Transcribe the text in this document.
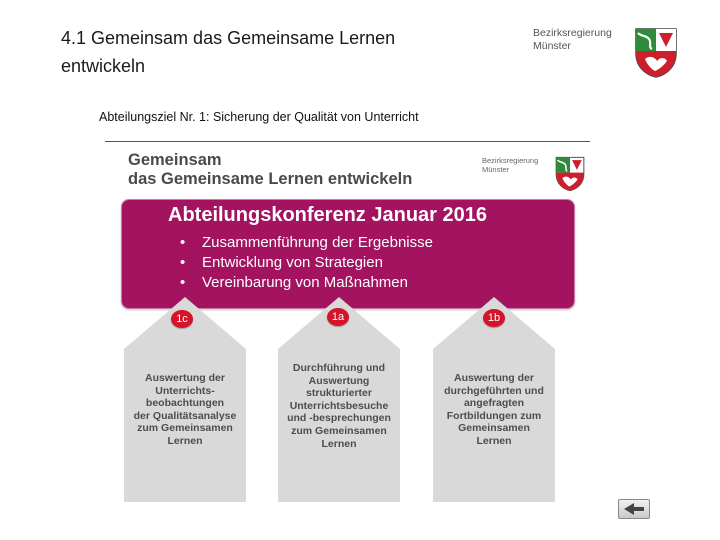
4.1 Gemeinsam das Gemeinsame Lernen entwickeln
Bezirksregierung
Münster
Abteilungsziel Nr. 1: Sicherung der Qualität von Unterricht
Gemeinsam
das Gemeinsame Lernen entwickeln
Bezirksregierung
Münster
Abteilungskonferenz Januar 2016
• Zusammenführung der Ergebnisse
• Entwicklung von Strategien
• Vereinbarung von Maßnahmen
1c
Auswertung der
Unterrichts-
beobachtungen
der Qualitätsanalyse
zum Gemeinsamen
Lernen
1a
Durchführung und
Auswertung
strukturierter
Unterrichtsbesuche
und -besprechungen
zum Gemeinsamen
Lernen
1b
Auswertung der
durchgeführten und
angefragten
Fortbildungen zum
Gemeinsamen
Lernen
